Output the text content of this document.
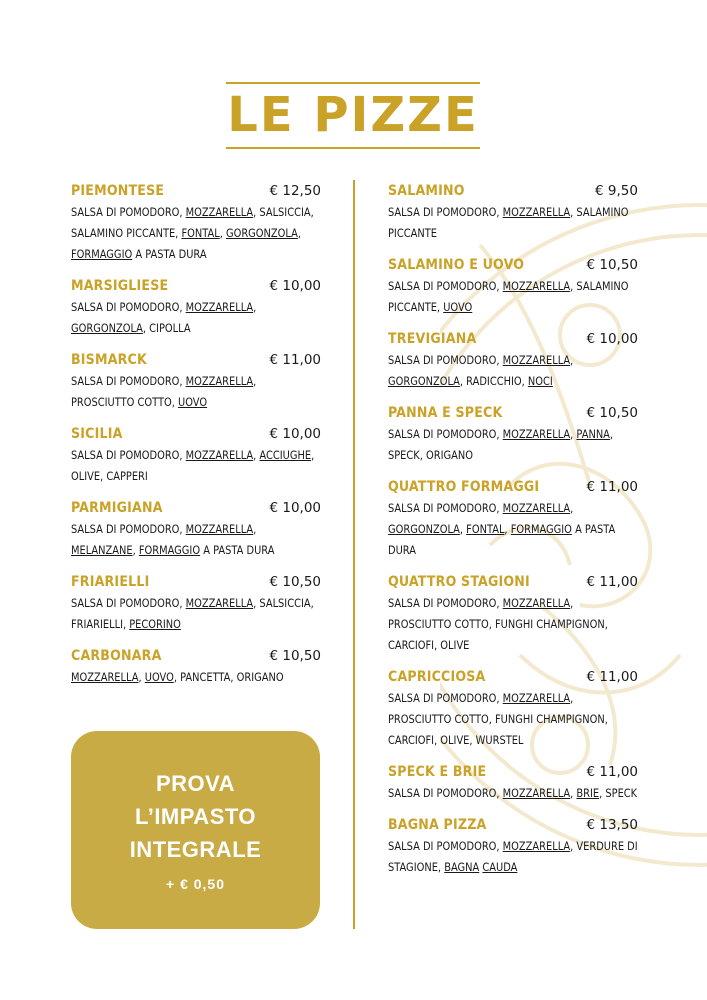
LE PIZZE
PIEMONTESE	€ 12,50
SALSA DI POMODORO, MOZZARELLA, SALSICCIA, SALAMINO PICCANTE, FONTAL, GORGONZOLA, FORMAGGIO A PASTA DURA
MARSIGLIESE	€ 10,00
SALSA DI POMODORO, MOZZARELLA, GORGONZOLA, CIPOLLA
BISMARCK	€ 11,00
SALSA DI POMODORO, MOZZARELLA, PROSCIUTTO COTTO, UOVO
SICILIA	€ 10,00
SALSA DI POMODORO, MOZZARELLA, ACCIUGHE, OLIVE, CAPPERI
PARMIGIANA	€ 10,00
SALSA DI POMODORO, MOZZARELLA, MELANZANE, FORMAGGIO A PASTA DURA
FRIARIELLI	€ 10,50
SALSA DI POMODORO, MOZZARELLA, SALSICCIA, FRIARIELLI, PECORINO
CARBONARA	€ 10,50
MOZZARELLA, UOVO, PANCETTA, ORIGANO
SALAMINO	€ 9,50
SALSA DI POMODORO, MOZZARELLA, SALAMINO PICCANTE
SALAMINO E UOVO	€ 10,50
SALSA DI POMODORO, MOZZARELLA, SALAMINO PICCANTE, UOVO
TREVIGIANA	€ 10,00
SALSA DI POMODORO, MOZZARELLA, GORGONZOLA, RADICCHIO, NOCI
PANNA E SPECK	€ 10,50
SALSA DI POMODORO, MOZZARELLA, PANNA, SPECK, ORIGANO
QUATTRO FORMAGGI	€ 11,00
SALSA DI POMODORO, MOZZARELLA, GORGONZOLA, FONTAL, FORMAGGIO A PASTA DURA
QUATTRO STAGIONI	€ 11,00
SALSA DI POMODORO, MOZZARELLA, PROSCIUTTO COTTO, FUNGHI CHAMPIGNON, CARCIOFI, OLIVE
CAPRICCIOSA	€ 11,00
SALSA DI POMODORO, MOZZARELLA, PROSCIUTTO COTTO, FUNGHI CHAMPIGNON, CARCIOFI, OLIVE, WURSTEL
SPECK E BRIE	€ 11,00
SALSA DI POMODORO, MOZZARELLA, BRIE, SPECK
BAGNA PIZZA	€ 13,50
SALSA DI POMODORO, MOZZARELLA, VERDURE DI STAGIONE, BAGNA CAUDA
PROVA
L’IMPASTO
INTEGRALE
+ € 0,50
